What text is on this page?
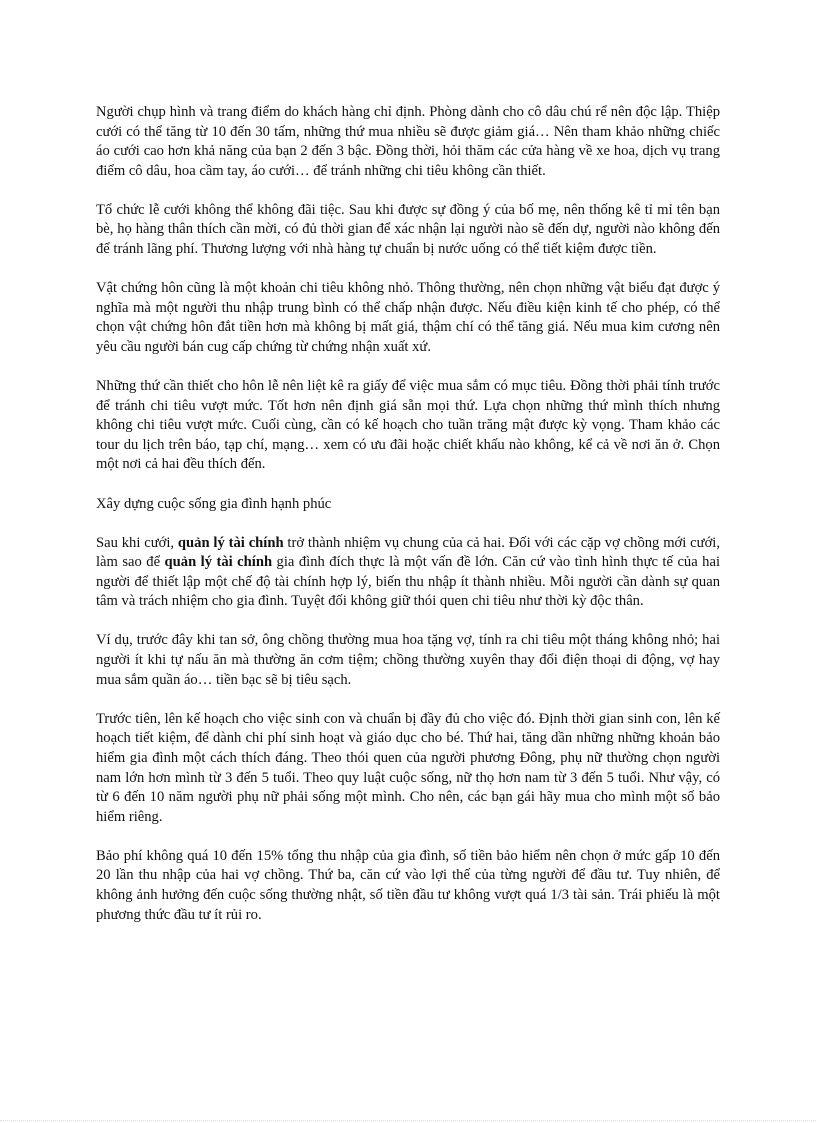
Người chụp hình và trang điểm do khách hàng chỉ định. Phòng dành cho cô dâu chú rể nên độc lập. Thiệp cưới có thể tăng từ 10 đến 30 tấm, những thứ mua nhiều sẽ được giảm giá… Nên tham khảo những chiếc áo cưới cao hơn khả năng của bạn 2 đến 3 bậc. Đồng thời, hỏi thăm các cửa hàng về xe hoa, dịch vụ trang điểm cô dâu, hoa cầm tay, áo cưới… để tránh những chi tiêu không cần thiết.

Tổ chức lễ cưới không thể không đãi tiệc. Sau khi được sự đồng ý của bố mẹ, nên thống kê tỉ mỉ tên bạn bè, họ hàng thân thích cần mời, có đủ thời gian để xác nhận lại người nào sẽ đến dự, người nào không đến để tránh lãng phí. Thương lượng với nhà hàng tự chuẩn bị nước uống có thể tiết kiệm được tiền.

Vật chứng hôn cũng là một khoản chi tiêu không nhỏ. Thông thường, nên chọn những vật biểu đạt được ý nghĩa mà một người thu nhập trung bình có thể chấp nhận được. Nếu điều kiện kinh tế cho phép, có thể chọn vật chứng hôn đắt tiền hơn mà không bị mất giá, thậm chí có thể tăng giá. Nếu mua kim cương nên yêu cầu người bán cug cấp chứng từ chứng nhận xuất xứ.

Những thứ cần thiết cho hôn lễ nên liệt kê ra giấy để việc mua sắm có mục tiêu. Đồng thời phải tính trước để tránh chi tiêu vượt mức. Tốt hơn nên định giá sẵn mọi thứ. Lựa chọn những thứ mình thích nhưng không chi tiêu vượt mức. Cuối cùng, cần có kế hoạch cho tuần trăng mật được kỳ vọng. Tham khảo các tour du lịch trên báo, tạp chí, mạng… xem có ưu đãi hoặc chiết khấu nào không, kể cả về nơi ăn ở. Chọn một nơi cả hai đều thích đến.

Xây dựng cuộc sống gia đình hạnh phúc

Sau khi cưới, quản lý tài chính trở thành nhiệm vụ chung của cả hai. Đối với các cặp vợ chồng mới cưới, làm sao để quản lý tài chính gia đình đích thực là một vấn đề lớn. Căn cứ vào tình hình thực tế của hai người để thiết lập một chế độ tài chính hợp lý, biến thu nhập ít thành nhiều. Mỗi người cần dành sự quan tâm và trách nhiệm cho gia đình. Tuyệt đối không giữ thói quen chi tiêu như thời kỳ độc thân.

Ví dụ, trước đây khi tan sở, ông chồng thường mua hoa tặng vợ, tính ra chi tiêu một tháng không nhỏ; hai người ít khi tự nấu ăn mà thường ăn cơm tiệm; chồng thường xuyên thay đổi điện thoại di động, vợ hay mua sắm quần áo… tiền bạc sẽ bị tiêu sạch.

Trước tiên, lên kế hoạch cho việc sinh con và chuẩn bị đầy đủ cho việc đó. Định thời gian sinh con, lên kế hoạch tiết kiệm, để dành chi phí sinh hoạt và giáo dục cho bé. Thứ hai, tăng dần những những khoản bảo hiểm gia đình một cách thích đáng. Theo thói quen của người phương Đông, phụ nữ thường chọn người nam lớn hơn mình từ 3 đến 5 tuổi. Theo quy luật cuộc sống, nữ thọ hơn nam từ 3 đến 5 tuổi. Như vậy, có từ 6 đến 10 năm người phụ nữ phải sống một mình. Cho nên, các bạn gái hãy mua cho mình một số bảo hiểm riêng.

Bảo phí không quá 10 đến 15% tổng thu nhập của gia đình, số tiền bảo hiểm nên chọn ở mức gấp 10 đến 20 lần thu nhập của hai vợ chồng. Thứ ba, căn cứ vào lợi thế của từng người để đầu tư. Tuy nhiên, để không ảnh hưởng đến cuộc sống thường nhật, số tiền đầu tư không vượt quá 1/3 tài sản. Trái phiếu là một phương thức đầu tư ít rủi ro.
